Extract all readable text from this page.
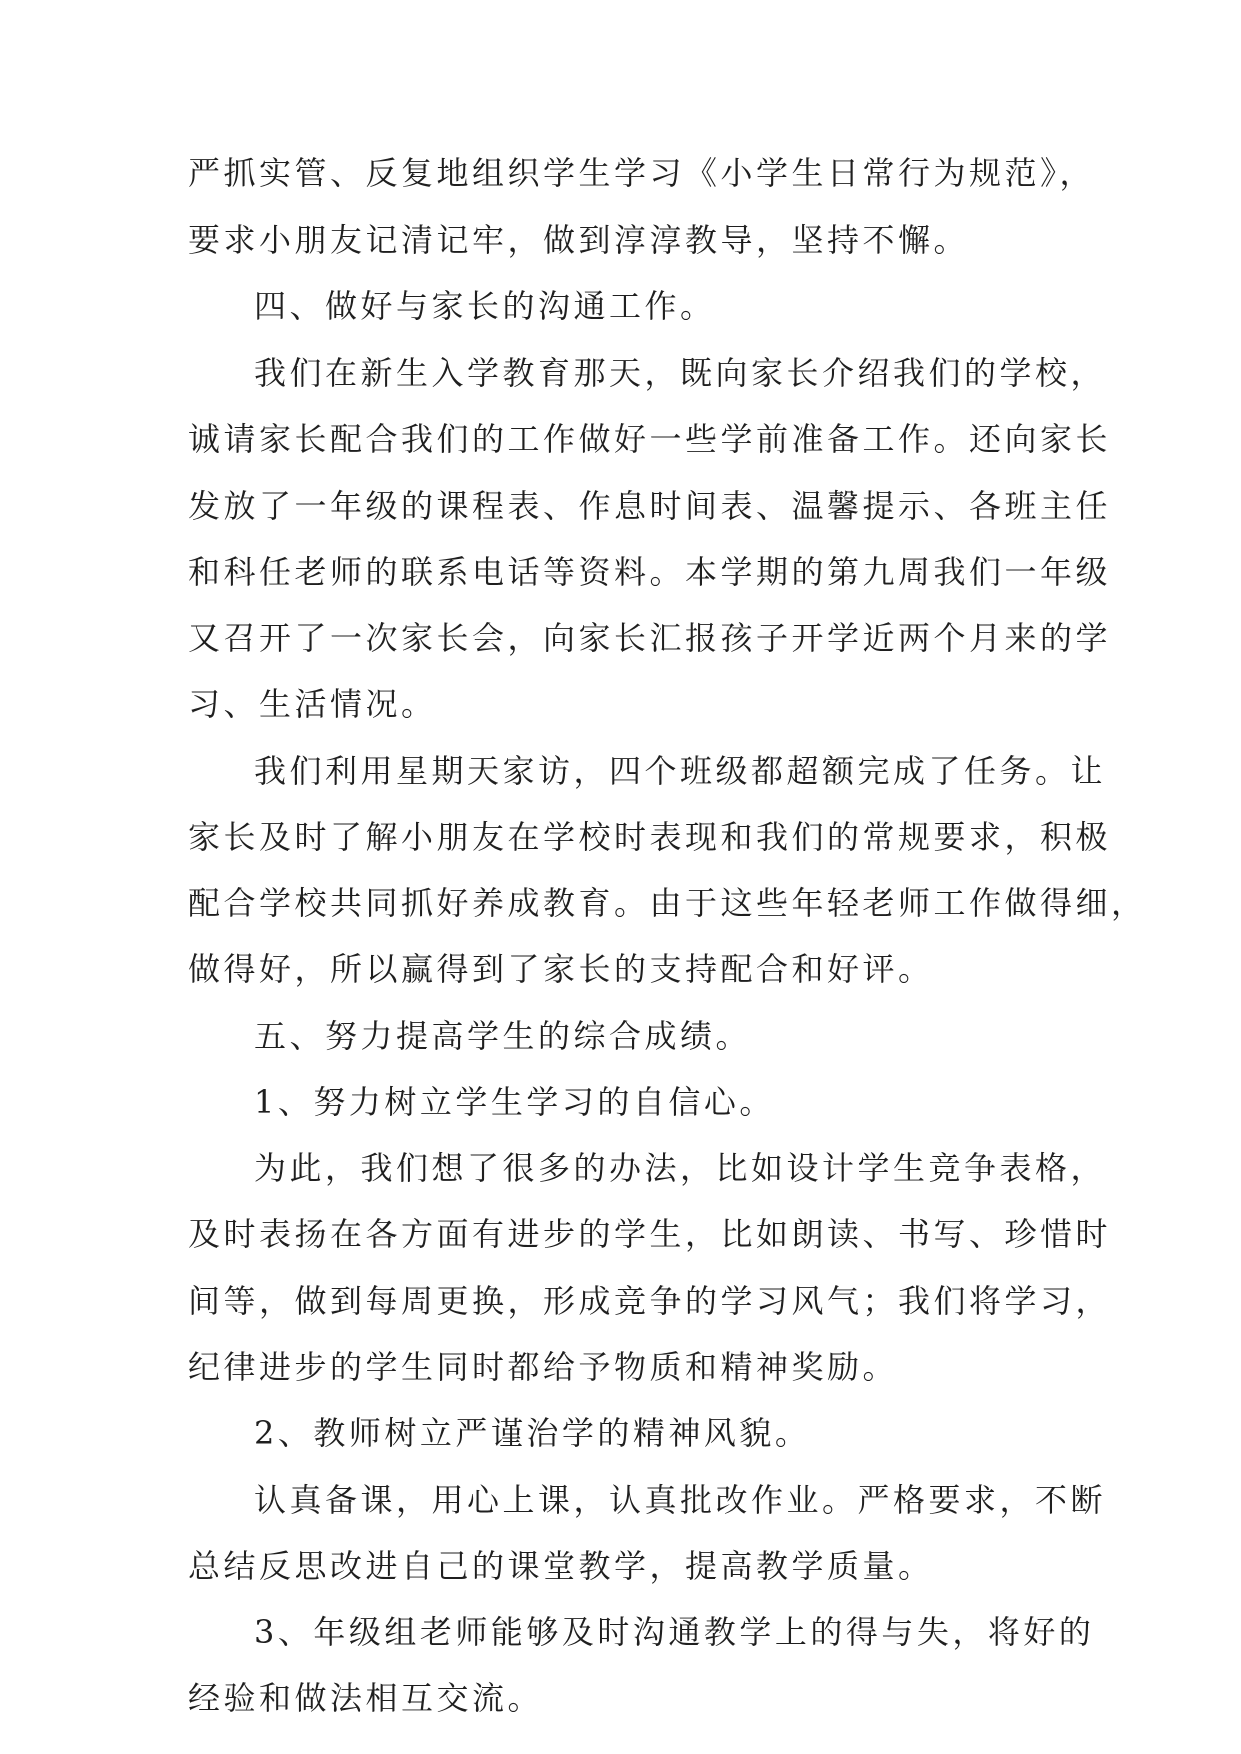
严抓实管、反复地组织学生学习《小学生日常行为规范》，
要求小朋友记清记牢，做到淳淳教导，坚持不懈。
四、做好与家长的沟通工作。
我们在新生入学教育那天，既向家长介绍我们的学校，
诚请家长配合我们的工作做好一些学前准备工作。还向家长
发放了一年级的课程表、作息时间表、温馨提示、各班主任
和科任老师的联系电话等资料。本学期的第九周我们一年级
又召开了一次家长会，向家长汇报孩子开学近两个月来的学
习、生活情况。
我们利用星期天家访，四个班级都超额完成了任务。让
家长及时了解小朋友在学校时表现和我们的常规要求，积极
配合学校共同抓好养成教育。由于这些年轻老师工作做得细，
做得好，所以赢得到了家长的支持配合和好评。
五、努力提高学生的综合成绩。
1、努力树立学生学习的自信心。
为此，我们想了很多的办法，比如设计学生竞争表格，
及时表扬在各方面有进步的学生，比如朗读、书写、珍惜时
间等，做到每周更换，形成竞争的学习风气；我们将学习，
纪律进步的学生同时都给予物质和精神奖励。
2、教师树立严谨治学的精神风貌。
认真备课，用心上课，认真批改作业。严格要求，不断
总结反思改进自己的课堂教学，提高教学质量。
3、年级组老师能够及时沟通教学上的得与失，将好的
经验和做法相互交流。
